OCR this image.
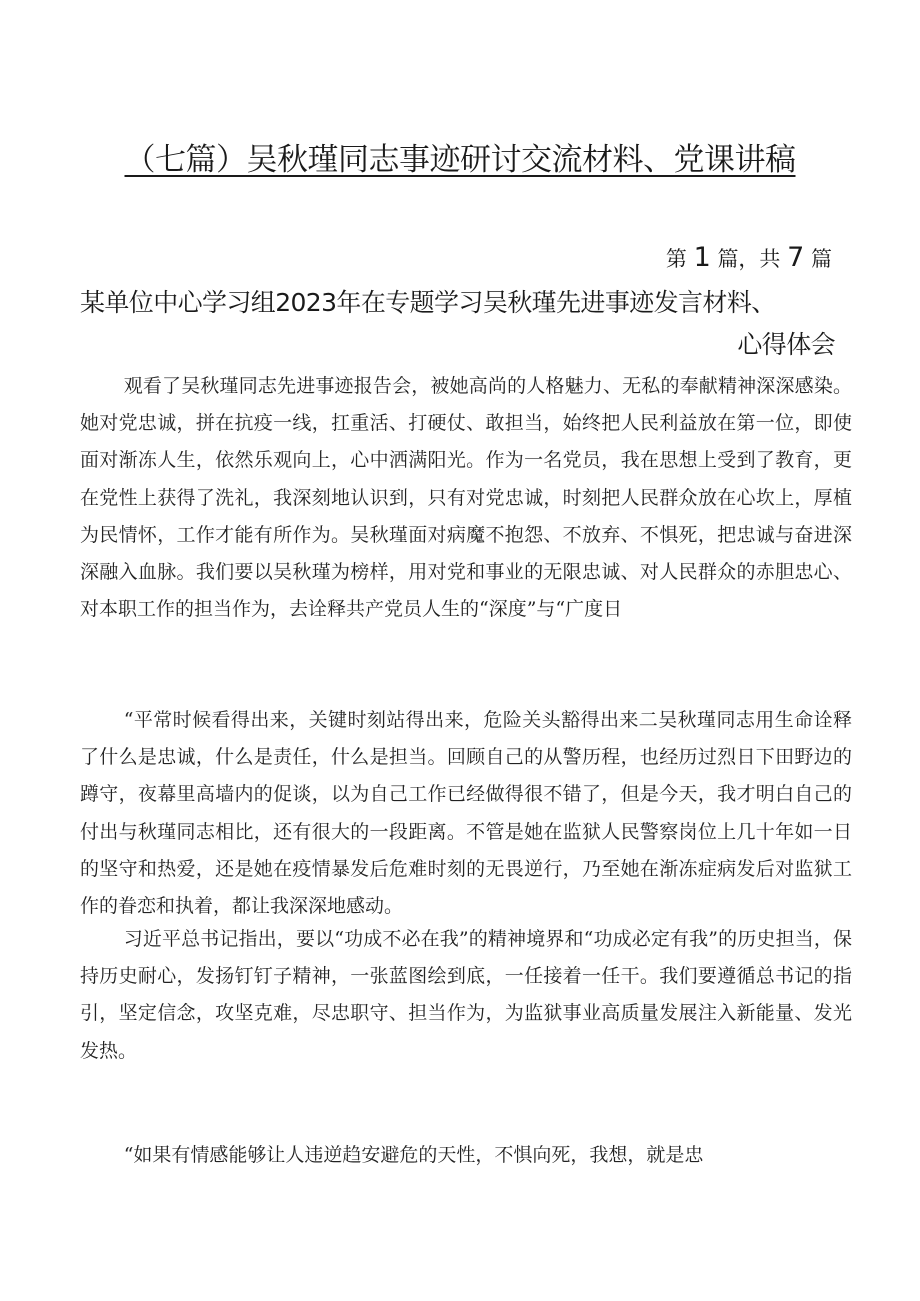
（七篇）吴秋瑾同志事迹研讨交流材料、党课讲稿
第 1 篇，共 7 篇
某单位中心学习组2023年在专题学习吴秋瑾先进事迹发言材料、
心得体会

观看了吴秋瑾同志先进事迹报告会，被她高尚的人格魅力、无私的奉献精神深深感染。她对党忠诚，拼在抗疫一线，扛重活、打硬仗、敢担当，始终把人民利益放在第一位，即使面对渐冻人生，依然乐观向上，心中洒满阳光。作为一名党员，我在思想上受到了教育，更在党性上获得了洗礼，我深刻地认识到，只有对党忠诚，时刻把人民群众放在心坎上，厚植为民情怀，工作才能有所作为。吴秋瑾面对病魔不抱怨、不放弃、不惧死，把忠诚与奋进深深融入血脉。我们要以吴秋瑾为榜样，用对党和事业的无限忠诚、对人民群众的赤胆忠心、对本职工作的担当作为，去诠释共产党员人生的“深度”与“广度日

“平常时候看得出来，关键时刻站得出来，危险关头豁得出来二吴秋瑾同志用生命诠释了什么是忠诚，什么是责任，什么是担当。回顾自己的从警历程，也经历过烈日下田野边的蹲守，夜幕里高墙内的促谈，以为自己工作已经做得很不错了，但是今天，我才明白自己的付出与秋瑾同志相比，还有很大的一段距离。不管是她在监狱人民警察岗位上几十年如一日的坚守和热爱，还是她在疫情暴发后危难时刻的无畏逆行，乃至她在渐冻症病发后对监狱工作的眷恋和执着，都让我深深地感动。

习近平总书记指出，要以“功成不必在我”的精神境界和“功成必定有我”的历史担当，保持历史耐心，发扬钉钉子精神，一张蓝图绘到底，一任接着一任干。我们要遵循总书记的指引，坚定信念，攻坚克难，尽忠职守、担当作为，为监狱事业高质量发展注入新能量、发光发热。

“如果有情感能够让人违逆趋安避危的天性，不惧向死，我想，就是忠
